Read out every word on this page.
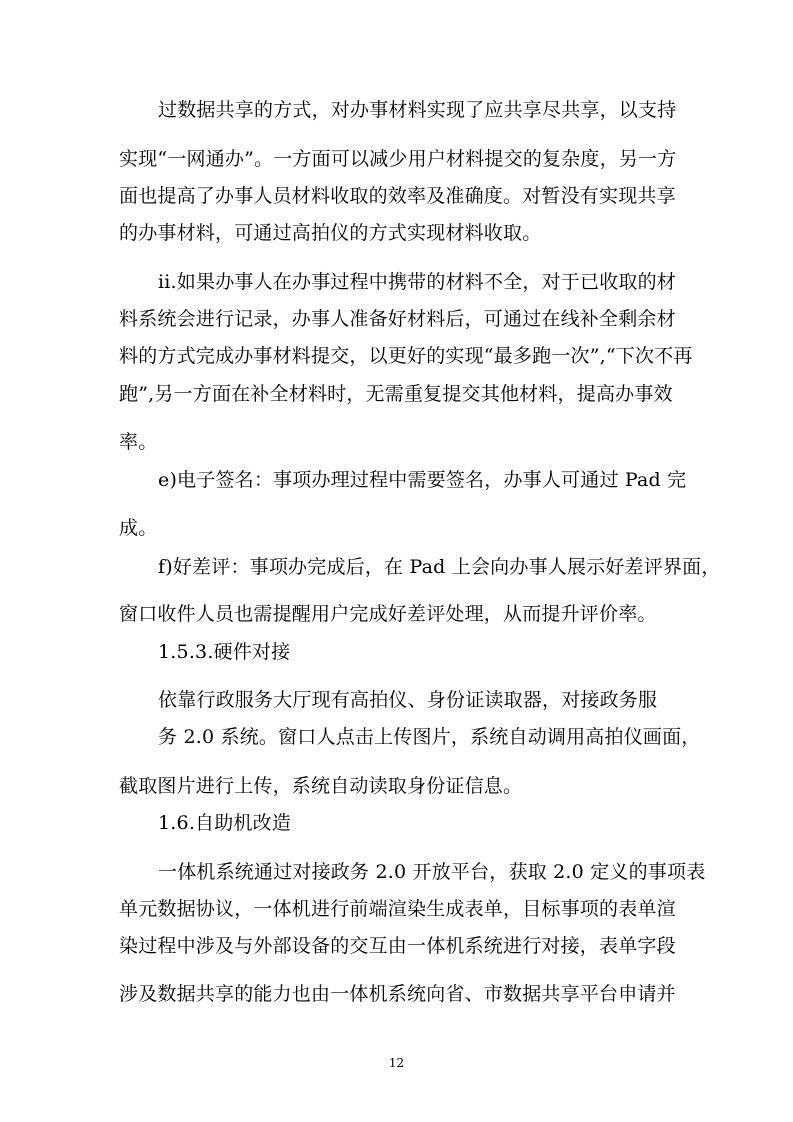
过数据共享的方式，对办事材料实现了应共享尽共享，以支持
实现“一网通办”。一方面可以减少用户材料提交的复杂度，另一方
面也提高了办事人员材料收取的效率及准确度。对暂没有实现共享
的办事材料，可通过高拍仪的方式实现材料收取。
ii.如果办事人在办事过程中携带的材料不全，对于已收取的材
料系统会进行记录，办事人准备好材料后，可通过在线补全剩余材
料的方式完成办事材料提交，以更好的实现“最多跑一次”,“下次不再
跑”,另一方面在补全材料时，无需重复提交其他材料，提高办事效
率。
e)电子签名：事项办理过程中需要签名，办事人可通过 Pad 完
成。
f)好差评：事项办完成后，在 Pad 上会向办事人展示好差评界面，
窗口收件人员也需提醒用户完成好差评处理，从而提升评价率。
1.5.3.硬件对接
依靠行政服务大厅现有高拍仪、身份证读取器，对接政务服
务 2.0 系统。窗口人点击上传图片，系统自动调用高拍仪画面，
截取图片进行上传，系统自动读取身份证信息。
1.6.自助机改造
一体机系统通过对接政务 2.0 开放平台，获取 2.0 定义的事项表
单元数据协议，一体机进行前端渲染生成表单，目标事项的表单渲
染过程中涉及与外部设备的交互由一体机系统进行对接，表单字段
涉及数据共享的能力也由一体机系统向省、市数据共享平台申请并
12
